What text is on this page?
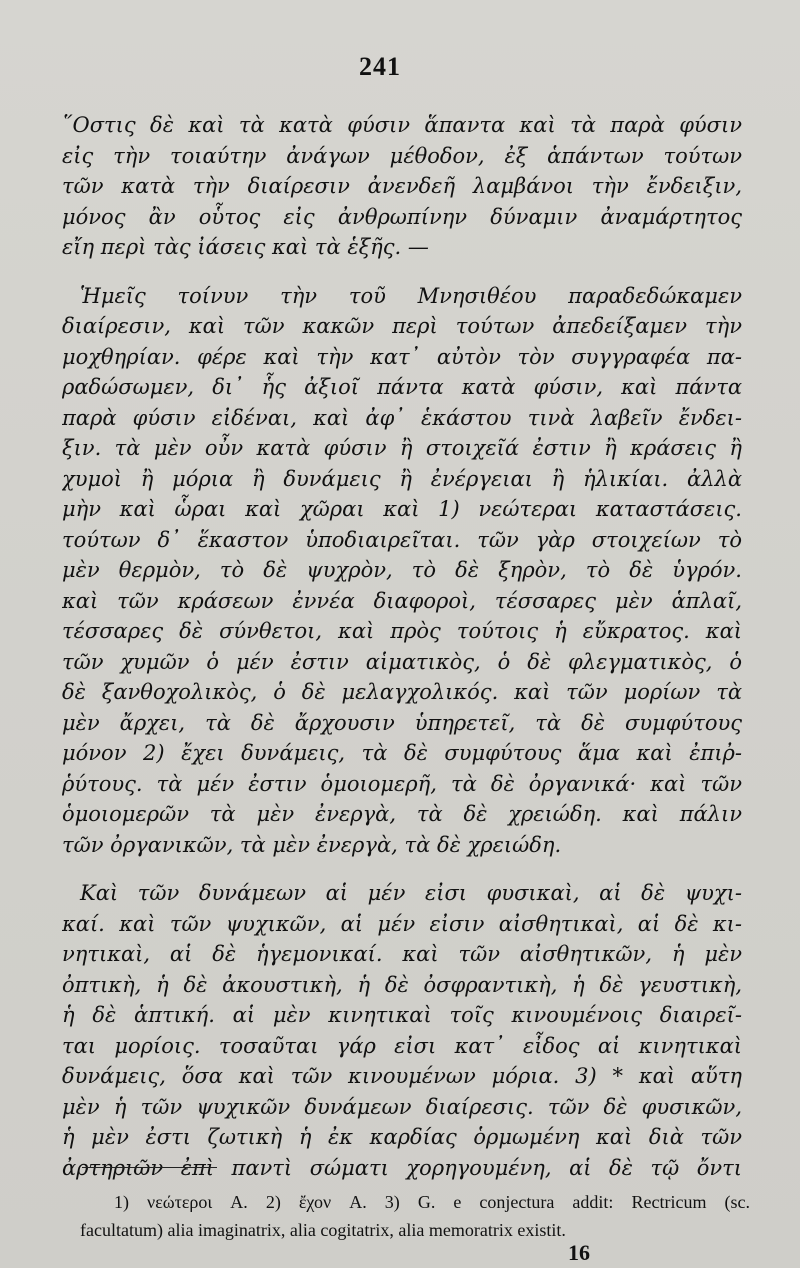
241
῞Οστις δὲ καὶ τὰ κατὰ φύσιν ἅπαντα καὶ τὰ παρὰ φύσιν
εἰς τὴν τοιαύτην ἀνάγων μέθοδον, ἐξ ἁπάντων τούτων
τῶν κατὰ τὴν διαίρεσιν ἀνενδεῆ λαμβάνοι τὴν ἔνδειξιν,
μόνος ἂν οὗτος εἰς ἀνθρωπίνην δύναμιν ἀναμάρτητος
εἴη περὶ τὰς ἰάσεις καὶ τὰ ἑξῆς. —
Ἡμεῖς τοίνυν τὴν τοῦ Μνησιθέου παραδεδώκαμεν
διαίρεσιν, καὶ τῶν κακῶν περὶ τούτων ἀπεδείξαμεν τὴν
μοχθηρίαν. φέρε καὶ τὴν κατ᾽ αὐτὸν τὸν συγγραφέα πα-
ραδώσωμεν, δι᾽ ἧς ἀξιοῖ πάντα κατὰ φύσιν, καὶ πάντα
παρὰ φύσιν εἰδέναι, καὶ ἀφ᾽ ἑκάστου τινὰ λαβεῖν ἔνδει-
ξιν. τὰ μὲν οὖν κατὰ φύσιν ἢ στοιχεῖά ἐστιν ἢ κράσεις ἢ
χυμοὶ ἢ μόρια ἢ δυνάμεις ἢ ἐνέργειαι ἢ ἡλικίαι. ἀλλὰ
μὴν καὶ ὧραι καὶ χῶραι καὶ 1) νεώτεραι καταστάσεις.
τούτων δ᾽ ἕκαστον ὑποδιαιρεῖται. τῶν γὰρ στοιχείων τὸ
μὲν θερμὸν, τὸ δὲ ψυχρὸν, τὸ δὲ ξηρὸν, τὸ δὲ ὑγρόν.
καὶ τῶν κράσεων ἐννέα διαφοροὶ, τέσσαρες μὲν ἁπλαῖ,
τέσσαρες δὲ σύνθετοι, καὶ πρὸς τούτοις ἡ εὔκρατος. καὶ
τῶν χυμῶν ὁ μέν ἐστιν αἱματικὸς, ὁ δὲ φλεγματικὸς, ὁ
δὲ ξανθοχολικὸς, ὁ δὲ μελαγχολικός. καὶ τῶν μορίων τὰ
μὲν ἄρχει, τὰ δὲ ἄρχουσιν ὑπηρετεῖ, τὰ δὲ συμφύτους
μόνον 2) ἔχει δυνάμεις, τὰ δὲ συμφύτους ἅμα καὶ ἐπιῤ-
ῥύτους. τὰ μέν ἐστιν ὁμοιομερῆ, τὰ δὲ ὀργανικά· καὶ τῶν
ὁμοιομερῶν τὰ μὲν ἐνεργὰ, τὰ δὲ χρειώδη. καὶ πάλιν
τῶν ὀργανικῶν, τὰ μὲν ἐνεργὰ, τὰ δὲ χρειώδη.
Καὶ τῶν δυνάμεων αἱ μέν εἰσι φυσικαὶ, αἱ δὲ ψυχι-
καί. καὶ τῶν ψυχικῶν, αἱ μέν εἰσιν αἰσθητικαὶ, αἱ δὲ κι-
νητικαὶ, αἱ δὲ ἡγεμονικαί. καὶ τῶν αἰσθητικῶν, ἡ μὲν
ὀπτικὴ, ἡ δὲ ἀκουστικὴ, ἡ δὲ ὀσφραντικὴ, ἡ δὲ γευστικὴ,
ἡ δὲ ἁπτική. αἱ μὲν κινητικαὶ τοῖς κινουμένοις διαιρεῖ-
ται μορίοις. τοσαῦται γάρ εἰσι κατ᾽ εἶδος αἱ κινητικαὶ
δυνάμεις, ὅσα καὶ τῶν κινουμένων μόρια. 3) * καὶ αὕτη
μὲν ἡ τῶν ψυχικῶν δυνάμεων διαίρεσις. τῶν δὲ φυσικῶν,
ἡ μὲν ἐστι ζωτικὴ ἡ ἐκ καρδίας ὁρμωμένη καὶ διὰ τῶν
ἀρτηριῶν ἐπὶ παντὶ σώματι χορηγουμένη, αἱ δὲ τῷ ὄντι
1) νεώτεροι A. 2) ἔχον A. 3) G. e conjectura addit: Rectricum (sc.
facultatum) alia imaginatrix, alia cogitatrix, alia memoratrix existit.
16
